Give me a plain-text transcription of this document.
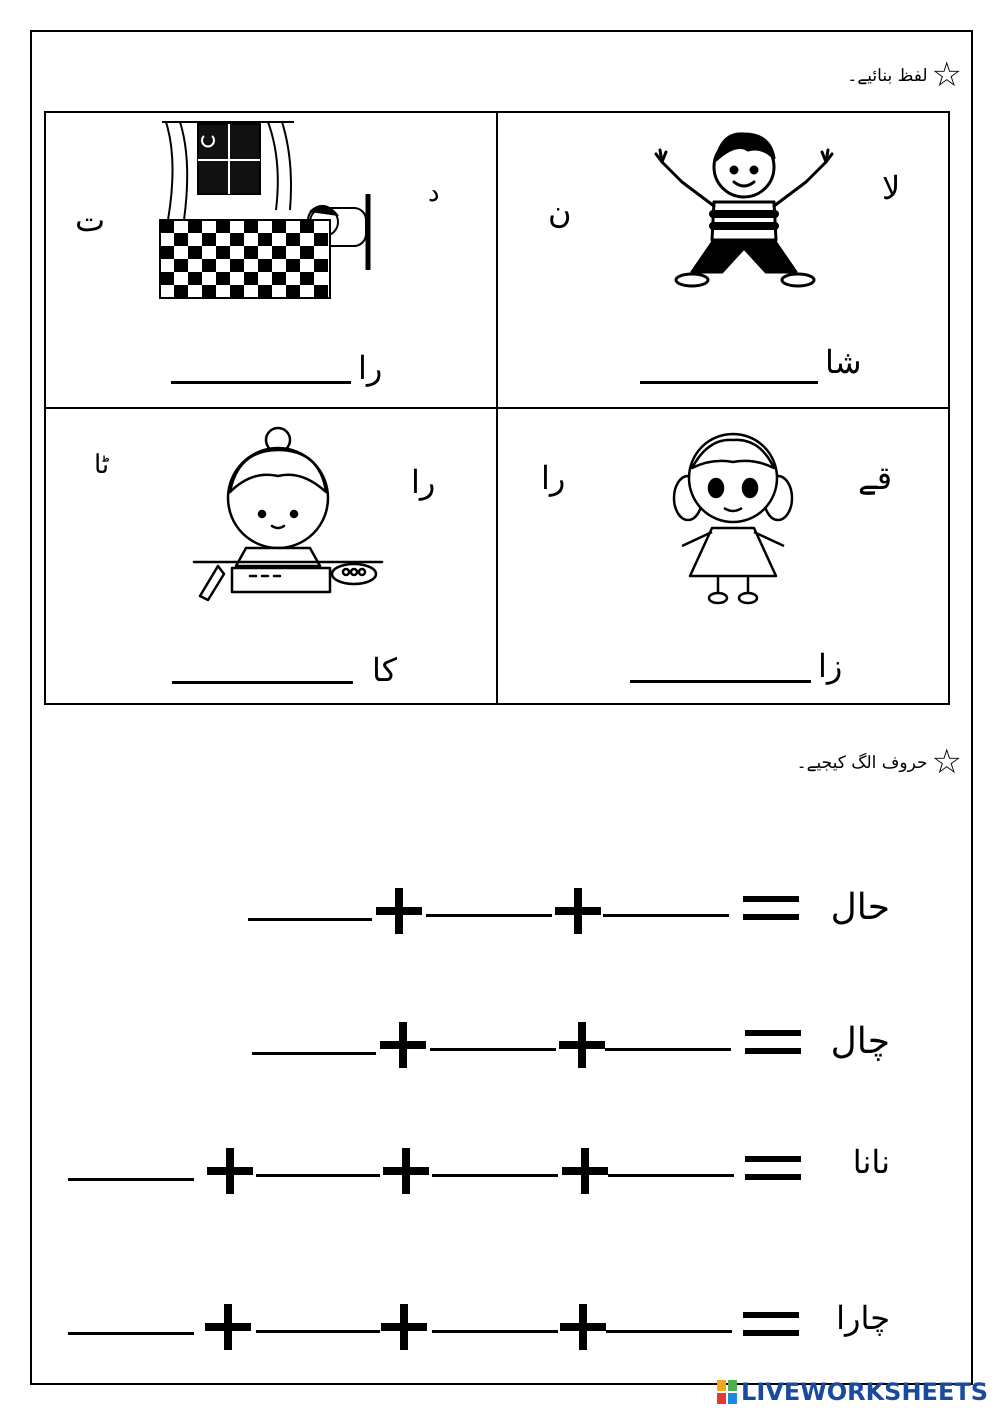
☆
لفظ بنائیے۔
لا
ن
شا
د
ت
را
قے
را
زا
را
ٹا
کا
☆
حروف الگ کیجیے۔
حال
چال
نانا
چارا
LIVEWORKSHEETS
